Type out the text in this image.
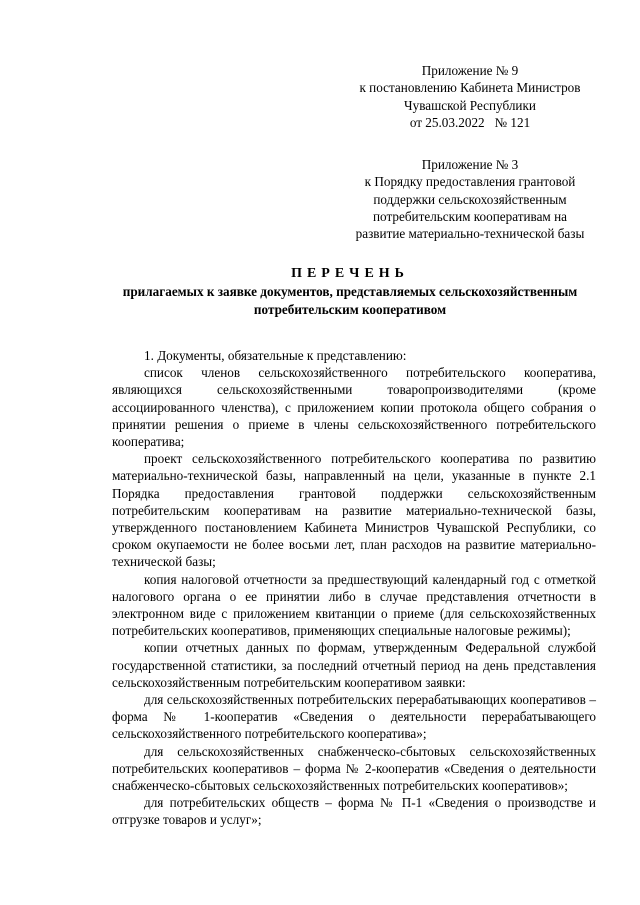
Приложение № 9
к постановлению Кабинета Министров
Чувашской Республики
от 25.03.2022   № 121
Приложение № 3
к Порядку предоставления грантовой
поддержки сельскохозяйственным
потребительским кооперативам на
развитие материально-технической базы
ПЕРЕЧЕНЬ
прилагаемых к заявке документов, представляемых сельскохозяйственным
потребительским кооперативом

1. Документы, обязательные к представлению:

список членов сельскохозяйственного потребительского кооператива, являющихся сельскохозяйственными товаропроизводителями (кроме ассоциированного членства), с приложением копии протокола общего собрания о принятии решения о приеме в члены сельскохозяйственного потребительского кооператива;

проект сельскохозяйственного потребительского кооператива по развитию материально-технической базы, направленный на цели, указанные в пункте 2.1 Порядка предоставления грантовой поддержки сельскохозяйственным потребительским кооперативам на развитие материально-технической базы, утвержденного постановлением Кабинета Министров Чувашской Республики, со сроком окупаемости не более восьми лет, план расходов на развитие материально-технической базы;

копия налоговой отчетности за предшествующий календарный год с отметкой налогового органа о ее принятии либо в случае представления отчетности в электронном виде с приложением квитанции о приеме (для сельскохозяйственных потребительских кооперативов, применяющих специальные налоговые режимы);

копии отчетных данных по формам, утвержденным Федеральной службой государственной статистики, за последний отчетный период на день представления сельскохозяйственным потребительским кооперативом заявки:

для сельскохозяйственных потребительских перерабатывающих кооперативов – форма № 1-кооператив «Сведения о деятельности перерабатывающего сельскохозяйственного потребительского кооператива»;

для сельскохозяйственных снабженческо-сбытовых сельскохозяйственных потребительских кооперативов – форма № 2-кооператив «Сведения о деятельности снабженческо-сбытовых сельскохозяйственных потребительских кооперативов»;

для потребительских обществ – форма № П-1 «Сведения о производстве и отгрузке товаров и услуг»;
